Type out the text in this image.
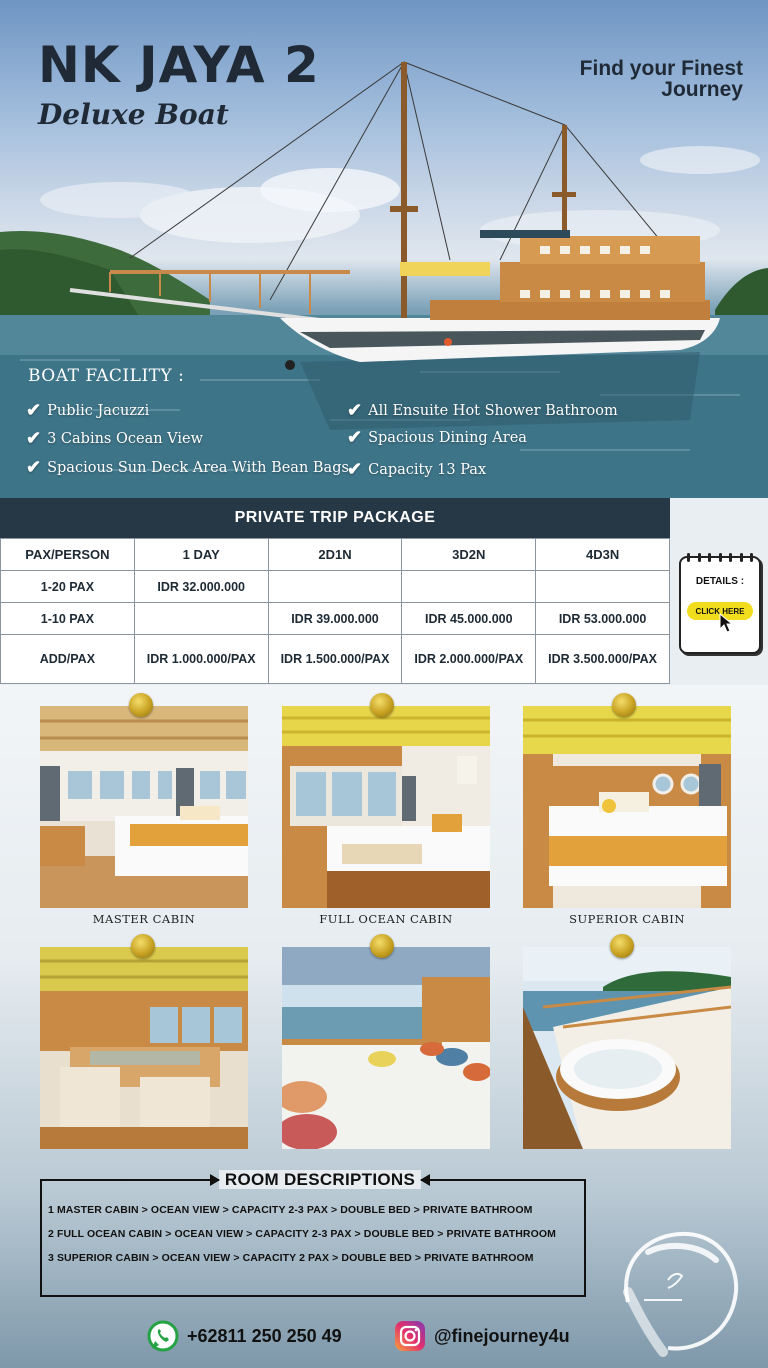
NK JAYA 2
Deluxe Boat
Find your Finest Journey
BOAT FACILITY :
✔ Public Jacuzzi
✔ 3 Cabins Ocean View
✔ Spacious Sun Deck Area With Bean Bags
✔ All Ensuite Hot Shower Bathroom
✔ Spacious Dining Area
✔ Capacity 13 Pax
PRIVATE TRIP PACKAGE
PAX/PERSON	1 DAY	2D1N	3D2N	4D3N
1-20 PAX	IDR 32.000.000			
1-10 PAX		IDR 39.000.000	IDR 45.000.000	IDR 53.000.000
ADD/PAX	IDR 1.000.000/PAX	IDR 1.500.000/PAX	IDR 2.000.000/PAX	IDR 3.500.000/PAX
DETAILS :
CLICK HERE
MASTER CABIN	FULL OCEAN CABIN	SUPERIOR CABIN
ROOM DESCRIPTIONS
1 MASTER CABIN > OCEAN VIEW > CAPACITY 2-3 PAX > DOUBLE BED > PRIVATE BATHROOM
2 FULL OCEAN CABIN > OCEAN VIEW > CAPACITY 2-3 PAX > DOUBLE BED > PRIVATE BATHROOM
3 SUPERIOR CABIN > OCEAN VIEW > CAPACITY 2 PAX > DOUBLE BED > PRIVATE BATHROOM
+62811 250 250 49	@finejourney4u
